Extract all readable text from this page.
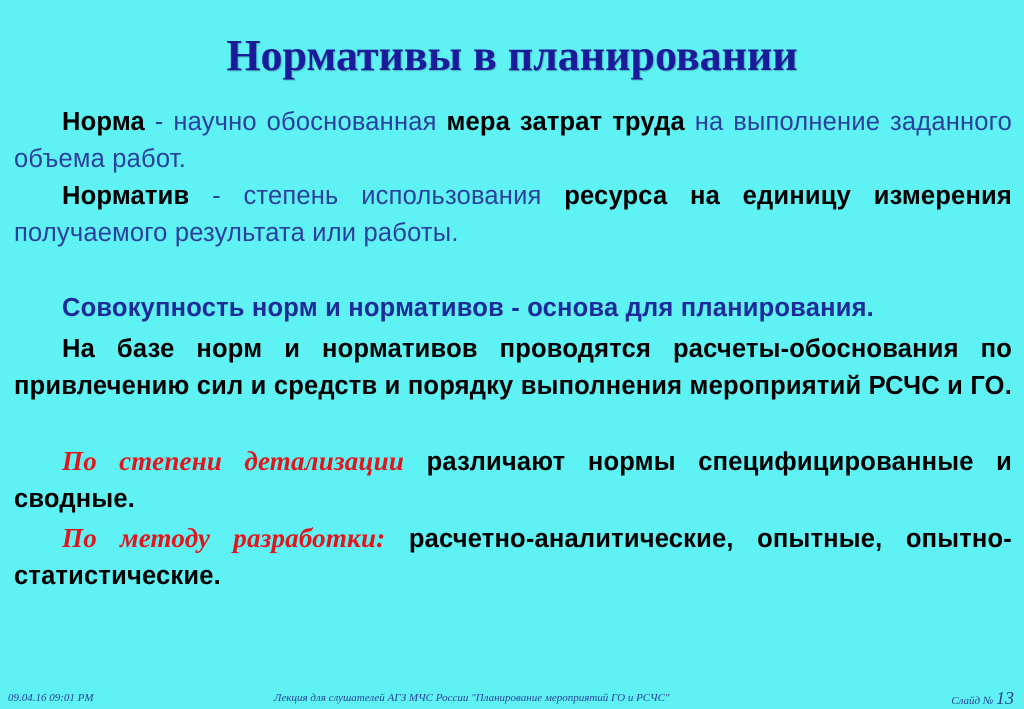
Нормативы в планировании
Норма - научно обоснованная мера затрат труда на выполнение заданного объема работ.
Норматив - степень использования ресурса на единицу измерения получаемого результата или работы.
Совокупность норм и нормативов - основа для планирования.
На базе норм и нормативов проводятся расчеты-обоснования по привлечению сил и средств и порядку выполнения мероприятий РСЧС и ГО.
По степени детализации различают нормы специфицированные и сводные.
По методу разработки: расчетно-аналитические, опытные, опытно-статистические.
09.04.16 09:01 PM	Лекция для слушателей АГЗ МЧС России "Планирование мероприятий ГО и РСЧС"	Слайд № 13
